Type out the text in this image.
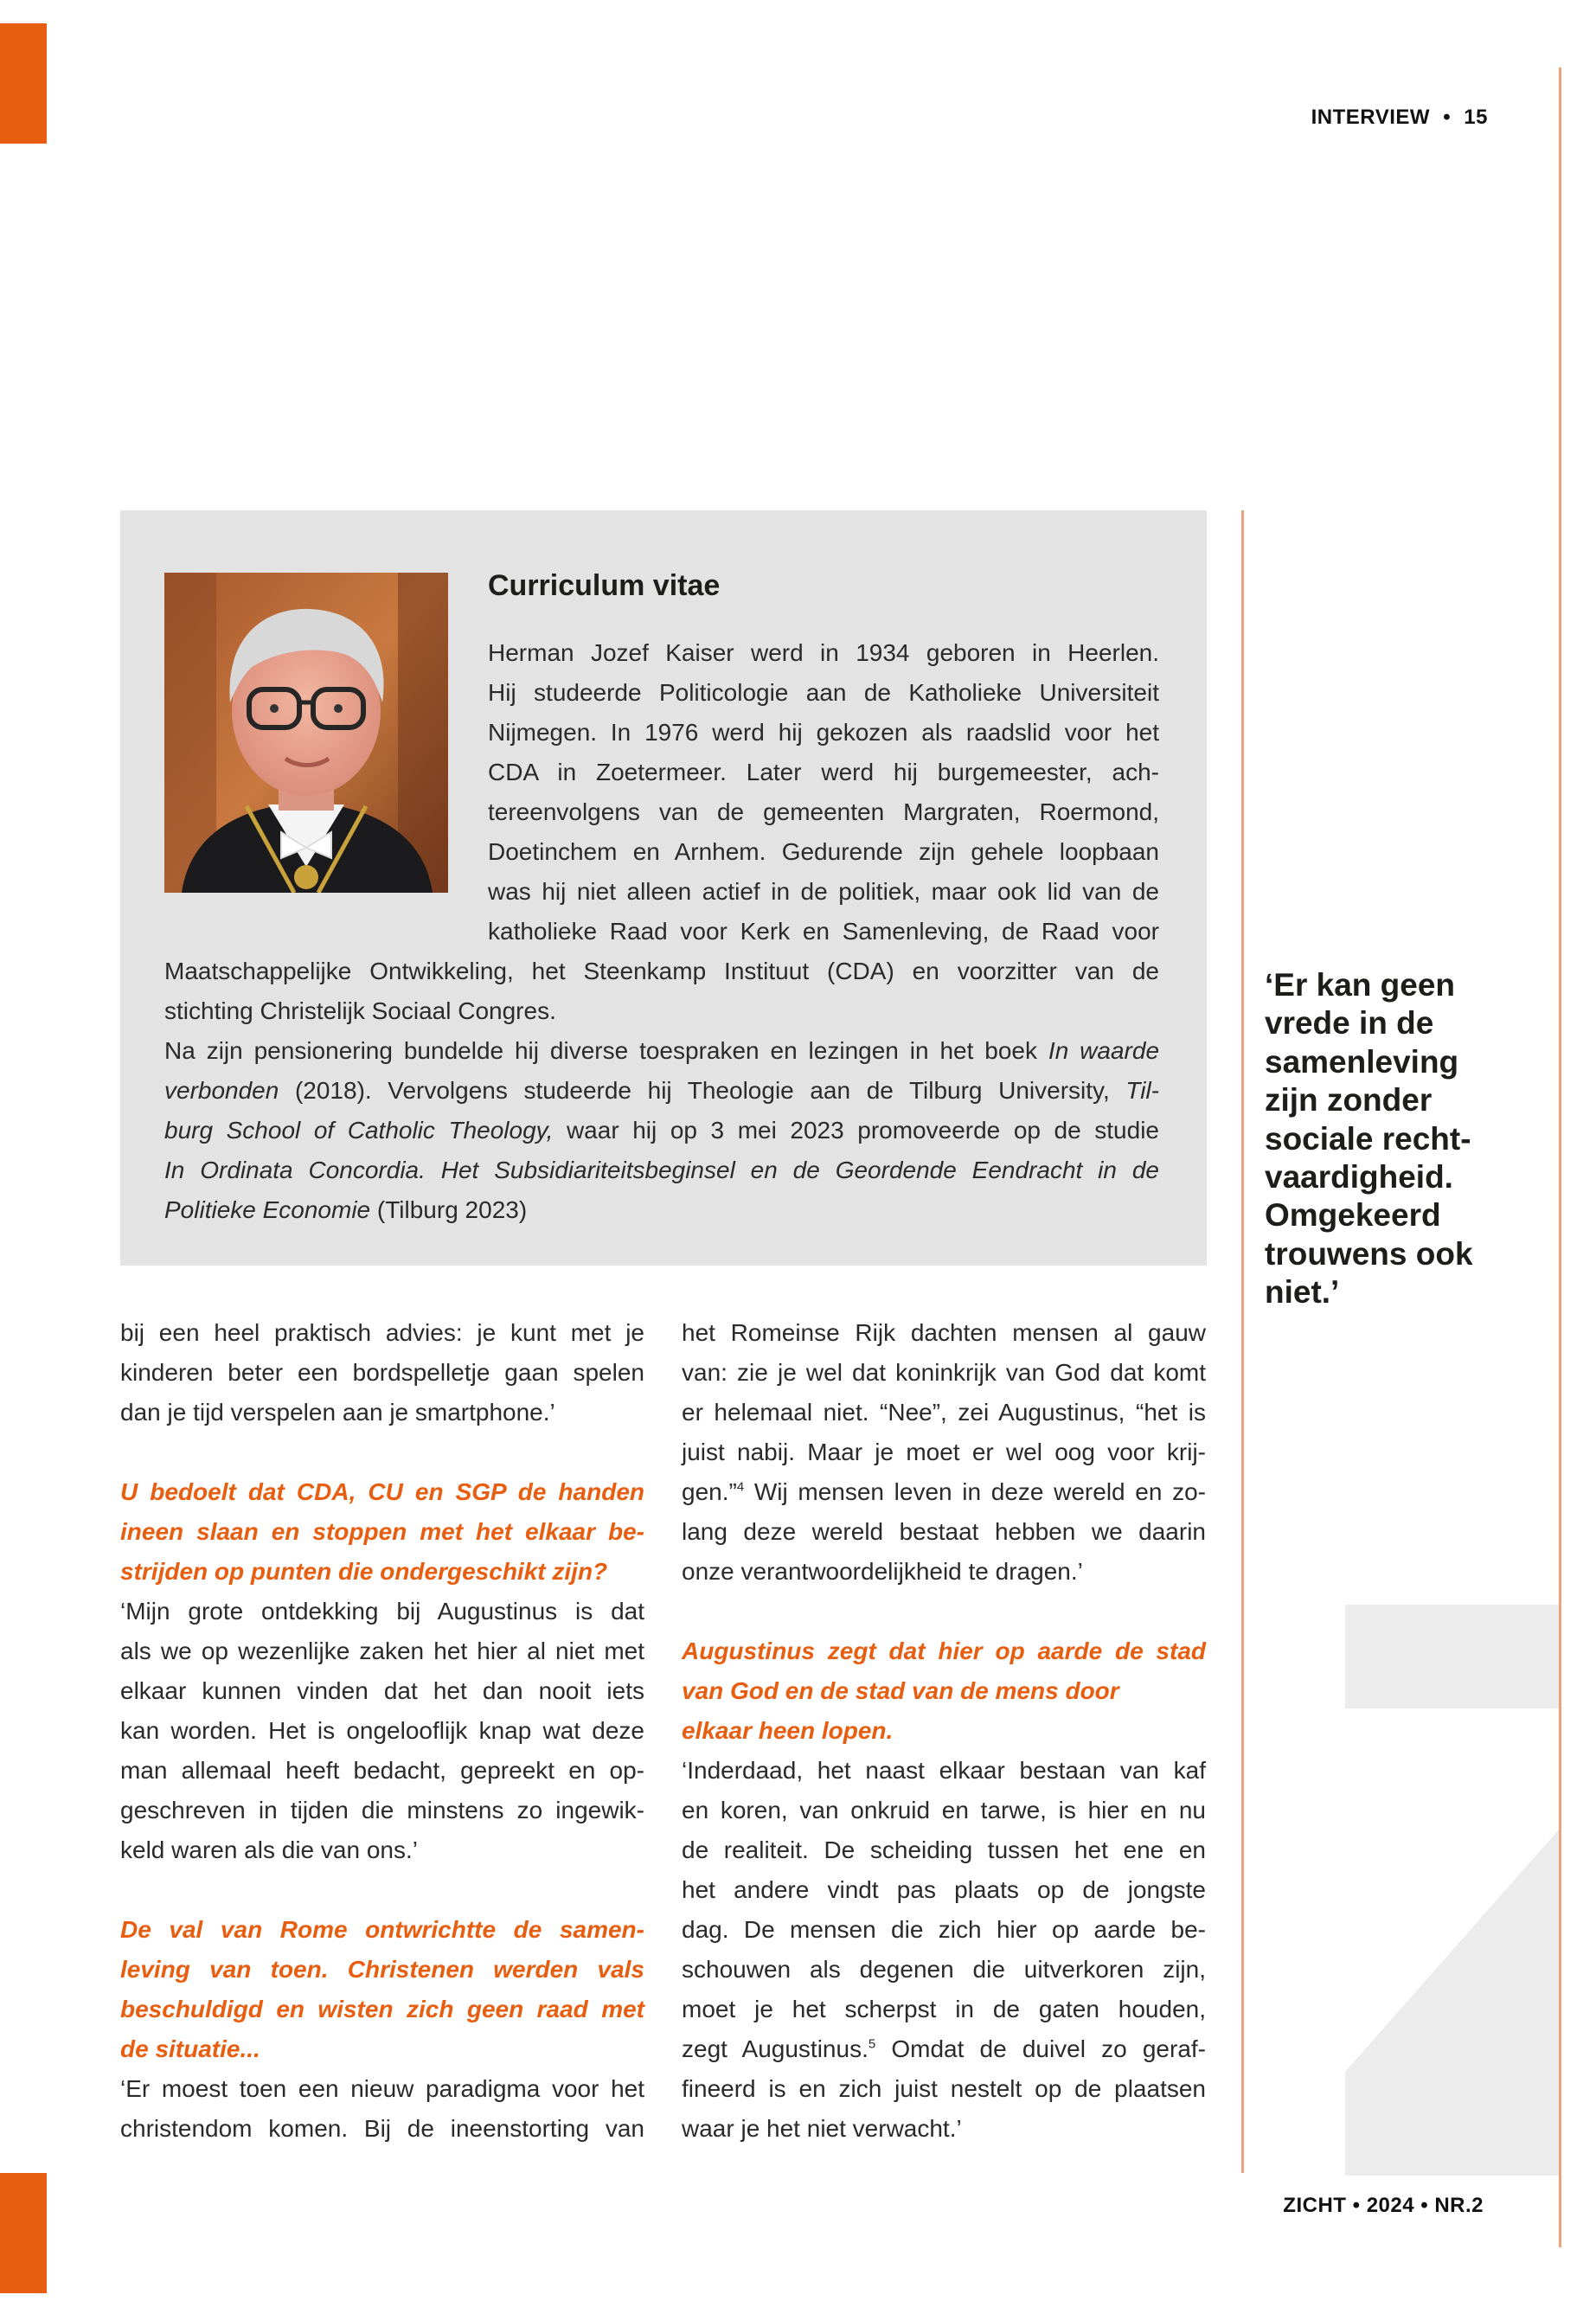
INTERVIEW • 15
Curriculum vitae
Herman Jozef Kaiser werd in 1934 geboren in Heerlen.
Hij studeerde Politicologie aan de Katholieke Universiteit
Nijmegen. In 1976 werd hij gekozen als raadslid voor het
CDA in Zoetermeer. Later werd hij burgemeester, ach-
tereenvolgens van de gemeenten Margraten, Roermond,
Doetinchem en Arnhem. Gedurende zijn gehele loopbaan
was hij niet alleen actief in de politiek, maar ook lid van de
katholieke Raad voor Kerk en Samenleving, de Raad voor
Maatschappelijke Ontwikkeling, het Steenkamp Instituut (CDA) en voorzitter van de
stichting Christelijk Sociaal Congres.
Na zijn pensionering bundelde hij diverse toespraken en lezingen in het boek In waarde
verbonden (2018). Vervolgens studeerde hij Theologie aan de Tilburg University, Til-
burg School of Catholic Theology, waar hij op 3 mei 2023 promoveerde op de studie
In Ordinata Concordia. Het Subsidiariteitsbeginsel en de Geordende Eendracht in de
Politieke Economie (Tilburg 2023)
bij een heel praktisch advies: je kunt met je
kinderen beter een bordspelletje gaan spelen
dan je tijd verspelen aan je smartphone.’
U bedoelt dat CDA, CU en SGP de handen
ineen slaan en stoppen met het elkaar be-
strijden op punten die ondergeschikt zijn?
‘Mijn grote ontdekking bij Augustinus is dat
als we op wezenlijke zaken het hier al niet met
elkaar kunnen vinden dat het dan nooit iets
kan worden. Het is ongelooflijk knap wat deze
man allemaal heeft bedacht, gepreekt en op-
geschreven in tijden die minstens zo ingewik-
keld waren als die van ons.’
De val van Rome ontwrichtte de samen-
leving van toen. Christenen werden vals
beschuldigd en wisten zich geen raad met
de situatie...
‘Er moest toen een nieuw paradigma voor het
christendom komen. Bij de ineenstorting van
het Romeinse Rijk dachten mensen al gauw
van: zie je wel dat koninkrijk van God dat komt
er helemaal niet. “Nee”, zei Augustinus, “het is
juist nabij. Maar je moet er wel oog voor krij-
gen.”$^4$ Wij mensen leven in deze wereld en zo-
lang deze wereld bestaat hebben we daarin
onze verantwoordelijkheid te dragen.’
Augustinus zegt dat hier op aarde de stad
van God en de stad van de mens door
elkaar heen lopen.
‘Inderdaad, het naast elkaar bestaan van kaf
en koren, van onkruid en tarwe, is hier en nu
de realiteit. De scheiding tussen het ene en
het andere vindt pas plaats op de jongste
dag. De mensen die zich hier op aarde be-
schouwen als degenen die uitverkoren zijn,
moet je het scherpst in de gaten houden,
zegt Augustinus.$^5$ Omdat de duivel zo geraf-
fineerd is en zich juist nestelt op de plaatsen
waar je het niet verwacht.’
‘Er kan geen
vrede in de
samenleving
zijn zonder
sociale recht-
vaardigheid.
Omgekeerd
trouwens ook
niet.’
ZICHT • 2024 • NR.2
